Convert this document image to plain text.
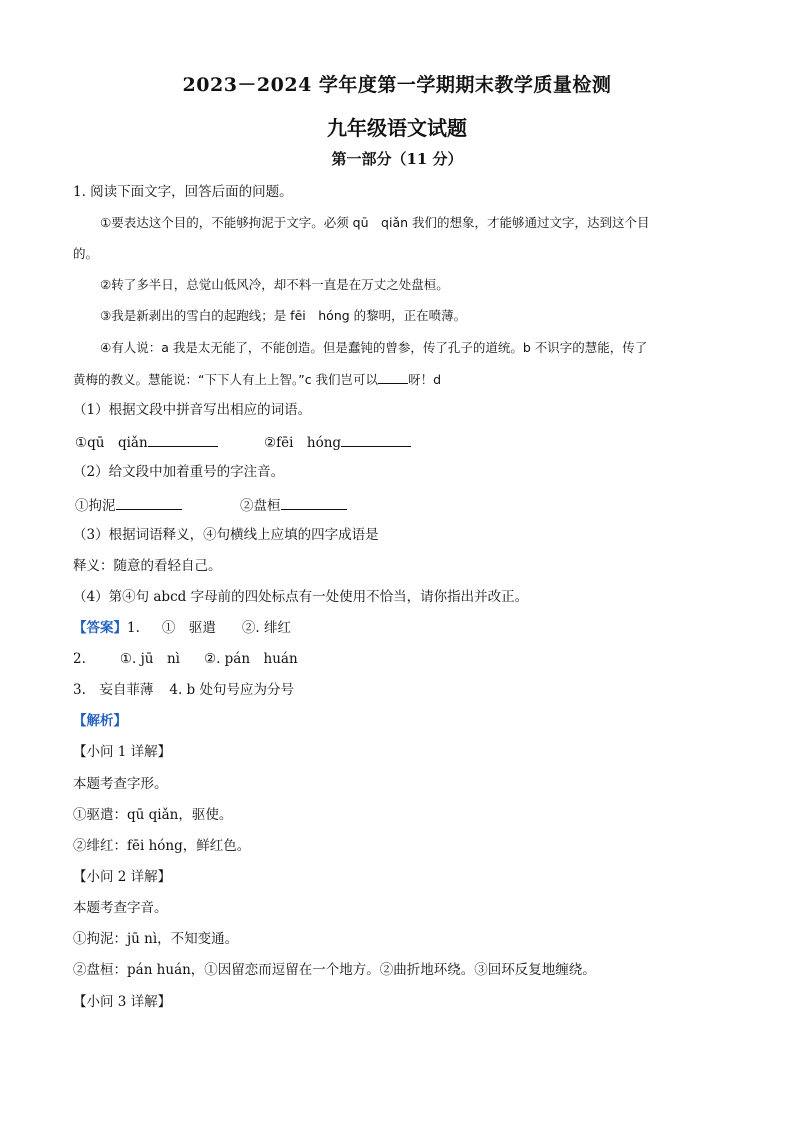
2023－2024 学年度第一学期期末教学质量检测
九年级语文试题
第一部分（11 分）
1. 阅读下面文字，回答后面的问题。
①要表达这个目的，不能够拘泥于文字。必须 qū　qiǎn 我们的想象，才能够通过文字，达到这个目
的。
②转了多半日，总觉山低风冷，却不料一直是在万丈之处盘桓。
③我是新剥出的雪白的起跑线；是 fēi　hóng 的黎明，正在喷薄。
④有人说：a 我是太无能了，不能创造。但是蠢钝的曾参，传了孔子的道统。b 不识字的慧能，传了
黄梅的教义。慧能说：“下下人有上上智。”c 我们岂可以 呀！d
（1）根据文段中拼音写出相应的词语。
①qū　qiǎn	②fēi　hóng
（2）给文段中加着重号的字注音。
①拘泥	②盘桓
（3）根据词语释义，④句横线上应填的四字成语是
释义：随意的看轻自己。
（4）第④句 abcd 字母前的四处标点有一处使用不恰当，请你指出并改正。
【答案】1. ①　驱遣 ②. 绯红
2.	①. jū　nì ②. pán　huán
3.　妄自菲薄 4. b 处句号应为分号
【解析】
【小问 1 详解】
本题考查字形。
①驱遣：qū qiǎn，驱使。
②绯红：fēi hóng，鲜红色。
【小问 2 详解】
本题考查字音。
①拘泥：jū nì，不知变通。
②盘桓：pán huán，①因留恋而逗留在一个地方。②曲折地环绕。③回环反复地缠绕。
【小问 3 详解】
